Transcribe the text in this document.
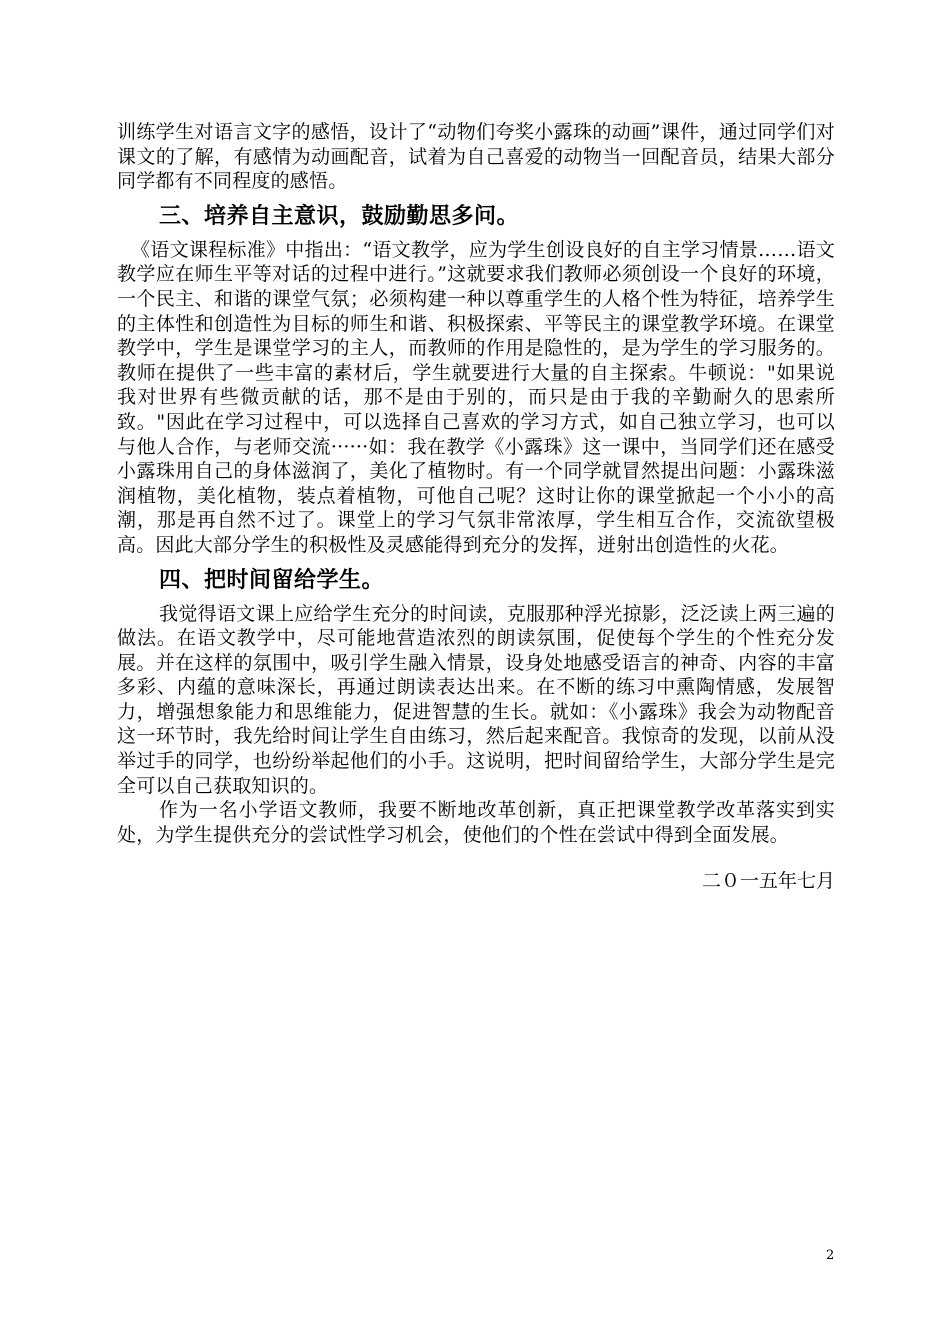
训练学生对语言文字的感悟，设计了“动物们夸奖小露珠的动画”课件，通过同学们对课文的了解，有感情为动画配音，试着为自己喜爱的动物当一回配音员，结果大部分同学都有不同程度的感悟。

三、培养自主意识，鼓励勤思多问。

《语文课程标准》中指出：“语文教学，应为学生创设良好的自主学习情景……语文教学应在师生平等对话的过程中进行。”这就要求我们教师必须创设一个良好的环境，一个民主、和谐的课堂气氛；必须构建一种以尊重学生的人格个性为特征，培养学生的主体性和创造性为目标的师生和谐、积极探索、平等民主的课堂教学环境。在课堂教学中，学生是课堂学习的主人，而教师的作用是隐性的，是为学生的学习服务的。教师在提供了一些丰富的素材后，学生就要进行大量的自主探索。牛顿说："如果说我对世界有些微贡献的话，那不是由于别的，而只是由于我的辛勤耐久的思索所致。"因此在学习过程中，可以选择自己喜欢的学习方式，如自己独立学习，也可以与他人合作，与老师交流······如：我在教学《小露珠》这一课中，当同学们还在感受小露珠用自己的身体滋润了，美化了植物时。有一个同学就冒然提出问题：小露珠滋润植物，美化植物，装点着植物，可他自己呢？这时让你的课堂掀起一个小小的高潮，那是再自然不过了。课堂上的学习气氛非常浓厚，学生相互合作，交流欲望极高。因此大部分学生的积极性及灵感能得到充分的发挥，迸射出创造性的火花。

四、把时间留给学生。

我觉得语文课上应给学生充分的时间读，克服那种浮光掠影，泛泛读上两三遍的做法。在语文教学中，尽可能地营造浓烈的朗读氛围，促使每个学生的个性充分发展。并在这样的氛围中，吸引学生融入情景，设身处地感受语言的神奇、内容的丰富多彩、内蕴的意味深长，再通过朗读表达出来。在不断的练习中熏陶情感，发展智力，增强想象能力和思维能力，促进智慧的生长。就如：《小露珠》我会为动物配音这一环节时，我先给时间让学生自由练习，然后起来配音。我惊奇的发现，以前从没举过手的同学，也纷纷举起他们的小手。这说明，把时间留给学生，大部分学生是完全可以自己获取知识的。

作为一名小学语文教师，我要不断地改革创新，真正把课堂教学改革落实到实处，为学生提供充分的尝试性学习机会，使他们的个性在尝试中得到全面发展。

二０一五年七月

2
